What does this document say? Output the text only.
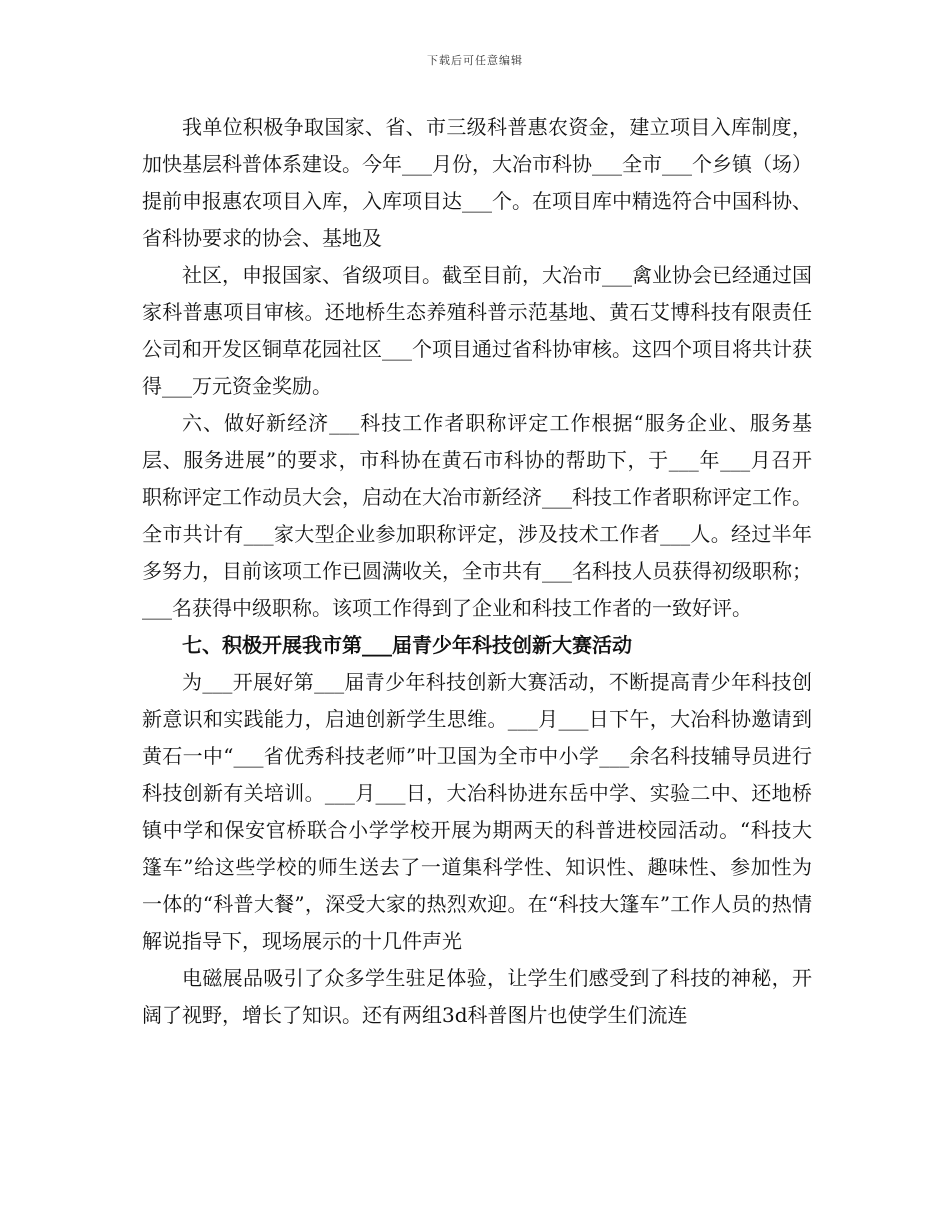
下载后可任意编辑

我单位积极争取国家、省、市三级科普惠农资金，建立项目入库制度，加快基层科普体系建设。今年___月份，大冶市科协___全市___个乡镇（场）提前申报惠农项目入库，入库项目达___个。在项目库中精选符合中国科协、省科协要求的协会、基地及

社区，申报国家、省级项目。截至目前，大冶市___禽业协会已经通过国家科普惠项目审核。还地桥生态养殖科普示范基地、黄石艾博科技有限责任公司和开发区铜草花园社区___个项目通过省科协审核。这四个项目将共计获得___万元资金奖励。

六、做好新经济___科技工作者职称评定工作根据“服务企业、服务基层、服务进展”的要求，市科协在黄石市科协的帮助下，于___年___月召开职称评定工作动员大会，启动在大冶市新经济___科技工作者职称评定工作。全市共计有___家大型企业参加职称评定，涉及技术工作者___人。经过半年多努力，目前该项工作已圆满收关，全市共有___名科技人员获得初级职称；___名获得中级职称。该项工作得到了企业和科技工作者的一致好评。

七、积极开展我市第___届青少年科技创新大赛活动

为___开展好第___届青少年科技创新大赛活动，不断提高青少年科技创新意识和实践能力，启迪创新学生思维。___月___日下午，大冶科协邀请到黄石一中“___省优秀科技老师”叶卫国为全市中小学___余名科技辅导员进行科技创新有关培训。___月___日，大冶科协进东岳中学、实验二中、还地桥镇中学和保安官桥联合小学学校开展为期两天的科普进校园活动。“科技大篷车”给这些学校的师生送去了一道集科学性、知识性、趣味性、参加性为一体的“科普大餐”，深受大家的热烈欢迎。在“科技大篷车”工作人员的热情解说指导下，现场展示的十几件声光

电磁展品吸引了众多学生驻足体验，让学生们感受到了科技的神秘，开阔了视野，增长了知识。还有两组3d科普图片也使学生们流连
